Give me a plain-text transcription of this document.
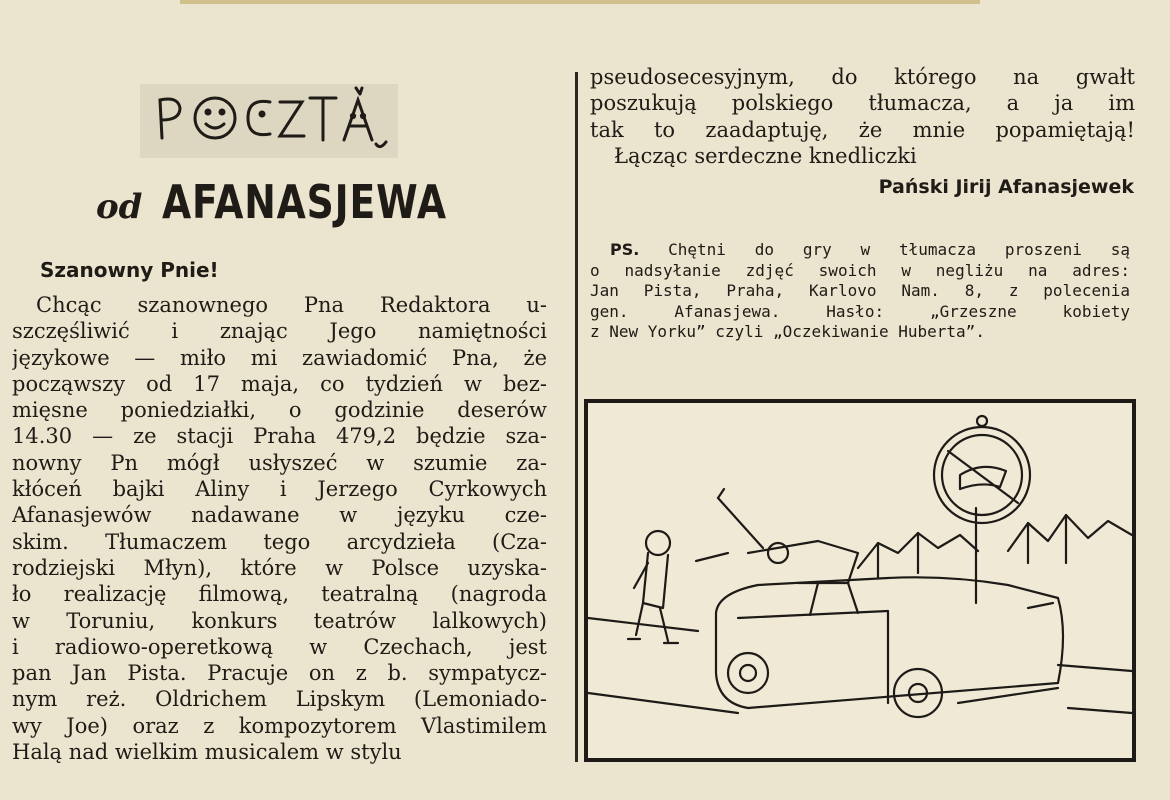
od AFANASJEWA
Szanowny Pnie!
Chcąc szanownego Pna Redaktora u-
szczęśliwić i znając Jego namiętności
językowe — miło mi zawiadomić Pna, że
począwszy od 17 maja, co tydzień w bez-
mięsne poniedziałki, o godzinie deserów
14.30 — ze stacji Praha 479,2 będzie sza-
nowny Pn mógł usłyszeć w szumie za-
kłóceń bajki Aliny i Jerzego Cyrkowych
Afanasjewów nadawane w języku cze-
skim. Tłumaczem tego arcydzieła (Cza-
rodziejski Młyn), które w Polsce uzyska-
ło realizację filmową, teatralną (nagroda
w Toruniu, konkurs teatrów lalkowych)
i radiowo-operetkową w Czechach, jest
pan Jan Pista. Pracuje on z b. sympatycz-
nym reż. Oldrichem Lipskym (Lemoniado-
wy Joe) oraz z kompozytorem Vlastimilem
Halą nad wielkim musicalem w stylu
pseudosecesyjnym, do którego na gwałt
poszukują polskiego tłumacza, a ja im
tak to zaadaptuję, że mnie popamiętają!
Łącząc serdeczne knedliczki
Pański Jirij Afanasjewek
PS. Chętni do gry w tłumacza proszeni są
o nadsyłanie zdjęć swoich w negliżu na adres:
Jan Pista, Praha, Karlovo Nam. 8, z polecenia
gen. Afanasjewa. Hasło: „Grzeszne kobiety
z New Yorku” czyli „Oczekiwanie Huberta”.
